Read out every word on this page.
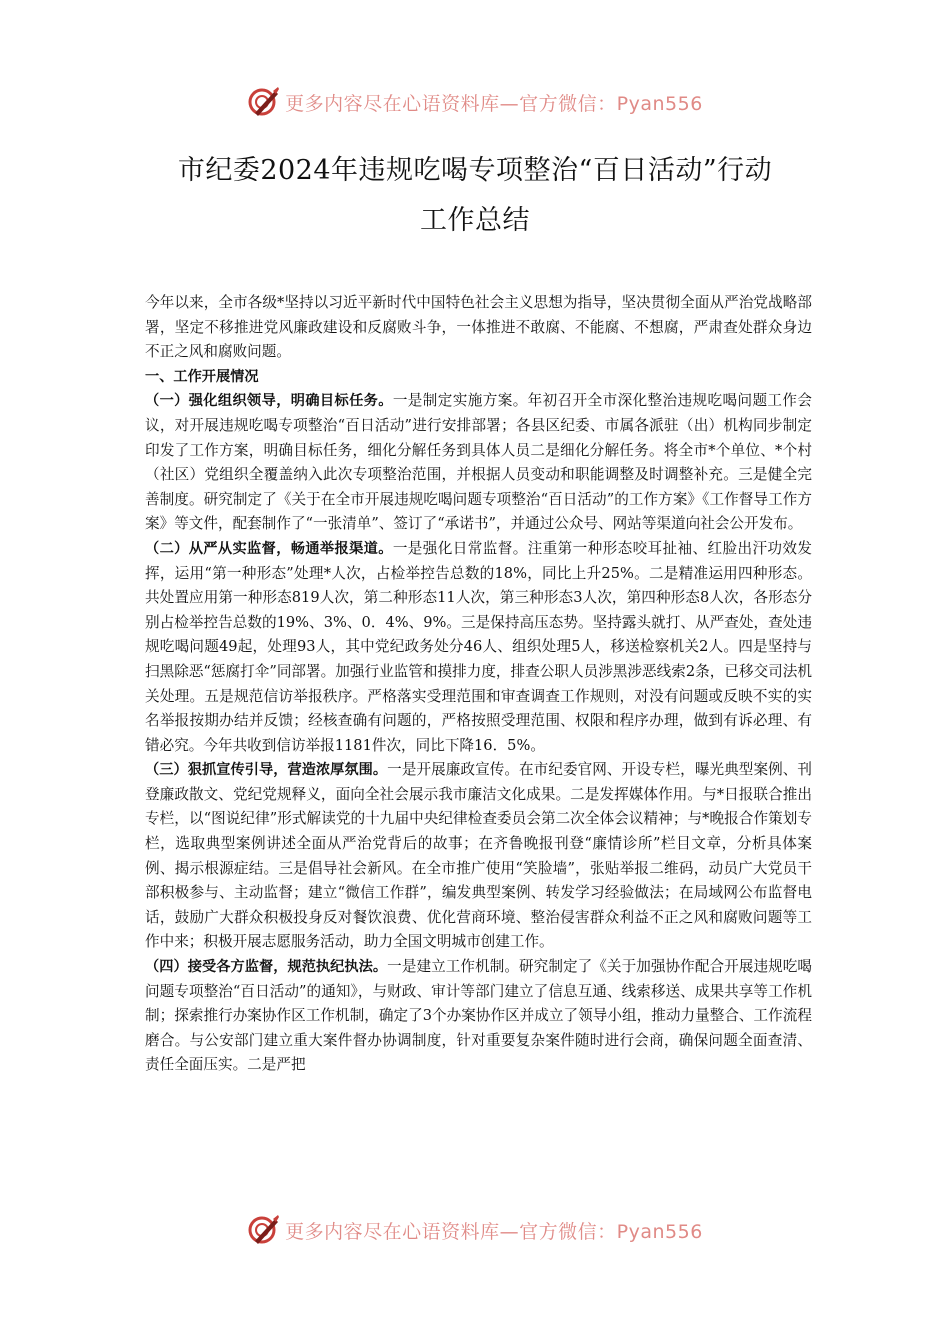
更多内容尽在心语资料库—官方微信：Pyan556
市纪委2024年违规吃喝专项整治“百日活动”行动
工作总结

今年以来，全市各级*坚持以习近平新时代中国特色社会主义思想为指导，坚决贯彻全面从严治党战略部署，坚定不移推进党风廉政建设和反腐败斗争，一体推进不敢腐、不能腐、不想腐，严肃查处群众身边不正之风和腐败问题。

一、工作开展情况

（一）强化组织领导，明确目标任务。一是制定实施方案。年初召开全市深化整治违规吃喝问题工作会议，对开展违规吃喝专项整治“百日活动”进行安排部署；各县区纪委、市属各派驻（出）机构同步制定印发了工作方案，明确目标任务，细化分解任务到具体人员二是细化分解任务。将全市*个单位、*个村（社区）党组织全覆盖纳入此次专项整治范围，并根据人员变动和职能调整及时调整补充。三是健全完善制度。研究制定了《关于在全市开展违规吃喝问题专项整治“百日活动”的工作方案》《工作督导工作方案》等文件，配套制作了“一张清单”、签订了“承诺书”，并通过公众号、网站等渠道向社会公开发布。

（二）从严从实监督，畅通举报渠道。一是强化日常监督。注重第一种形态咬耳扯袖、红脸出汗功效发挥，运用“第一种形态”处理*人次，占检举控告总数的18%，同比上升25%。二是精准运用四种形态。共处置应用第一种形态819人次，第二种形态11人次，第三种形态3人次，第四种形态8人次，各形态分别占检举控告总数的19%、3%、0．4%、9%。三是保持高压态势。坚持露头就打、从严查处，查处违规吃喝问题49起，处理93人，其中党纪政务处分46人、组织处理5人，移送检察机关2人。四是坚持与扫黑除恶“惩腐打伞”同部署。加强行业监管和摸排力度，排查公职人员涉黑涉恶线索2条，已移交司法机关处理。五是规范信访举报秩序。严格落实受理范围和审查调查工作规则，对没有问题或反映不实的实名举报按期办结并反馈；经核查确有问题的，严格按照受理范围、权限和程序办理，做到有诉必理、有错必究。今年共收到信访举报1181件次，同比下降16．5%。

（三）狠抓宣传引导，营造浓厚氛围。一是开展廉政宣传。在市纪委官网、开设专栏，曝光典型案例、刊登廉政散文、党纪党规释义，面向全社会展示我市廉洁文化成果。二是发挥媒体作用。与*日报联合推出专栏，以“图说纪律”形式解读党的十九届中央纪律检查委员会第二次全体会议精神；与*晚报合作策划专栏，选取典型案例讲述全面从严治党背后的故事；在齐鲁晚报刊登“廉情诊所”栏目文章，分析具体案例、揭示根源症结。三是倡导社会新风。在全市推广使用“笑脸墙”，张贴举报二维码，动员广大党员干部积极参与、主动监督；建立“微信工作群”，编发典型案例、转发学习经验做法；在局域网公布监督电话，鼓励广大群众积极投身反对餐饮浪费、优化营商环境、整治侵害群众利益不正之风和腐败问题等工作中来；积极开展志愿服务活动，助力全国文明城市创建工作。

（四）接受各方监督，规范执纪执法。一是建立工作机制。研究制定了《关于加强协作配合开展违规吃喝问题专项整治“百日活动”的通知》，与财政、审计等部门建立了信息互通、线索移送、成果共享等工作机制；探索推行办案协作区工作机制，确定了3个办案协作区并成立了领导小组，推动力量整合、工作流程磨合。与公安部门建立重大案件督办协调制度，针对重要复杂案件随时进行会商，确保问题全面查清、责任全面压实。二是严把

更多内容尽在心语资料库—官方微信：Pyan556
